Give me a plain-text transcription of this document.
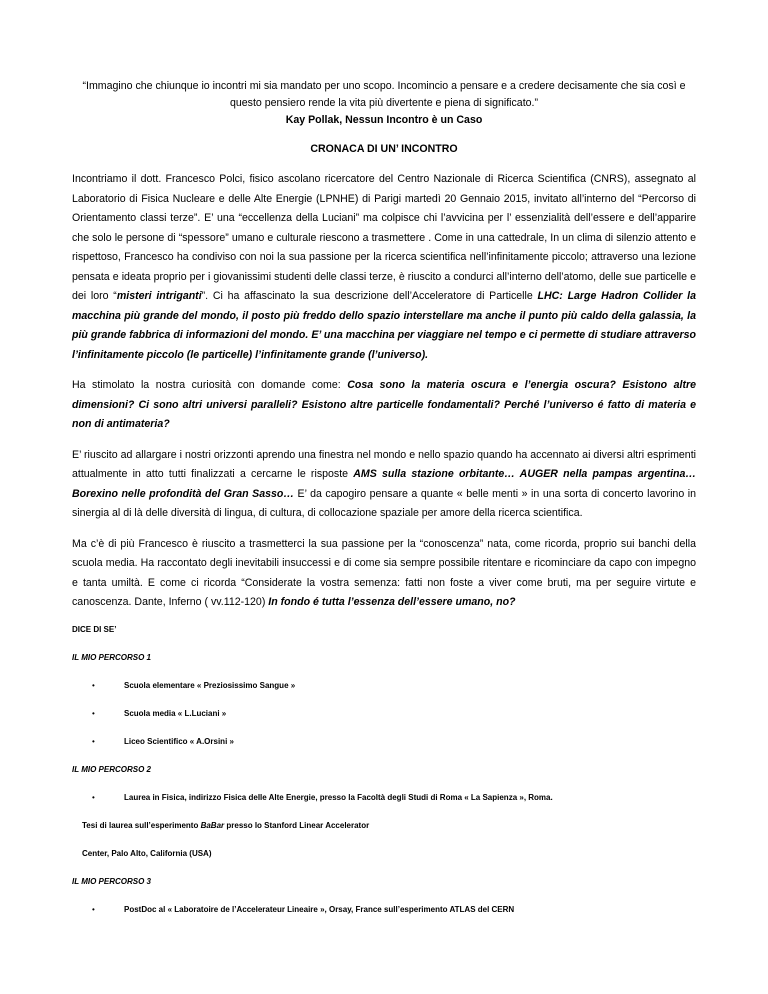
“Immagino che chiunque io incontri mi sia mandato per uno scopo. Incomincio a pensare e a credere decisamente che sia così e questo pensiero rende la vita più divertente e piena di significato.”

Kay Pollak, Nessun Incontro è un Caso

CRONACA DI UN’ INCONTRO

Incontriamo il dott. Francesco Polci, fisico ascolano ricercatore del Centro Nazionale di Ricerca Scientifica (CNRS), assegnato al Laboratorio di Fisica Nucleare e delle Alte Energie (LPNHE) di Parigi martedì 20 Gennaio 2015, invitato all’interno del “Percorso di Orientamento classi terze”. E’ una “eccellenza della Luciani” ma colpisce chi l’avvicina per l’ essenzialità dell’essere e dell’apparire che solo le persone di “spessore” umano e culturale riescono a trasmettere . Come in una cattedrale, In un clima di silenzio attento e rispettoso, Francesco ha condiviso con noi la sua passione per la ricerca scientifica nell’infinitamente piccolo; attraverso una lezione pensata e ideata proprio per i giovanissimi studenti delle classi terze, è riuscito a condurci all’interno dell’atomo, delle sue particelle e dei loro “misteri intriganti”. Ci ha affascinato la sua descrizione dell’Acceleratore di Particelle LHC: Large Hadron Collider la macchina più grande del mondo, il posto più freddo dello spazio interstellare ma anche il punto più caldo della galassia, la più grande fabbrica di informazioni del mondo. E’ una macchina per viaggiare nel tempo e ci permette di studiare attraverso l’infinitamente piccolo (le particelle) l’infinitamente grande (l’universo).

Ha stimolato la nostra curiosità con domande come: Cosa sono la materia oscura e l’energia oscura? Esistono altre dimensioni? Ci sono altri universi paralleli? Esistono altre particelle fondamentali? Perché l’universo é fatto di materia e non di antimateria?

E’ riuscito ad allargare i nostri orizzonti aprendo una finestra nel mondo e nello spazio quando ha accennato ai diversi altri esprimenti attualmente in atto tutti finalizzati a cercarne le risposte AMS sulla stazione orbitante… AUGER nella pampas argentina… Borexino nelle profondità del Gran Sasso… E’ da capogiro pensare a quante « belle menti » in una sorta di concerto lavorino in sinergia al di là delle diversità di lingua, di cultura, di collocazione spaziale per amore della ricerca scientifica.

Ma c’è di più Francesco è riuscito a trasmetterci la sua passione per la “conoscenza” nata, come ricorda, proprio sui banchi della scuola media. Ha raccontato degli inevitabili insuccessi e di come sia sempre possibile ritentare e ricominciare da capo con impegno e tanta umiltà. E come ci ricorda “Considerate la vostra semenza: fatti non foste a viver come bruti, ma per seguire virtute e canoscenza. Dante, Inferno ( vv.112-120) In fondo é tutta l’essenza dell’essere umano, no?

DICE DI SE’

IL MIO PERCORSO 1

•	Scuola elementare « Preziosissimo Sangue »
•	Scuola media « L.Luciani »
•	Liceo Scientifico « A.Orsini »

IL MIO PERCORSO 2

•	Laurea in Fisica, indirizzo Fisica delle Alte Energie, presso la Facoltà degli Studi di Roma « La Sapienza », Roma.

Tesi di laurea sull’esperimento BaBar presso lo Stanford Linear Accelerator

Center, Palo Alto, California (USA)

IL MIO PERCORSO 3

•	PostDoc al « Laboratoire de l’Accelerateur Lineaire », Orsay, France sull’esperimento ATLAS del CERN
